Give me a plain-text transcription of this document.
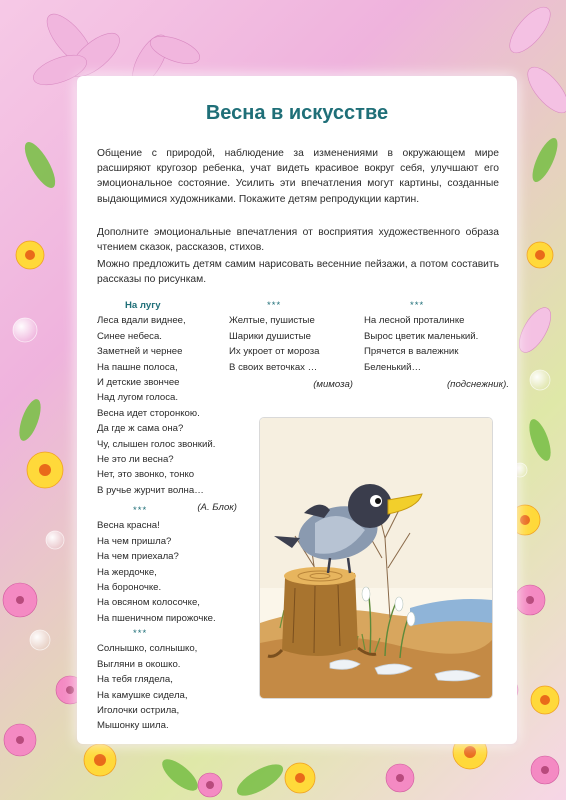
Весна в искусстве

Общение с природой, наблюдение за изменениями в окружающем мире расширяют кругозор ребенка, учат видеть красивое вокруг себя, улучшают его эмоциональное состояние. Усилить эти впечатления могут картины, созданные выдающимися художниками. Покажите детям репродукции картин.

Дополните эмоциональные впечатления от восприятия художественного образа чтением сказок, рассказов, стихов.

Можно предложить детям самим нарисовать весенние пейзажи, а потом составить рассказы по рисункам.

На лугу
Леса вдали виднее,
Синее небеса.
Заметней и чернее
На пашне полоса,
И детские звончее
Над лугом голоса.
Весна идет сторонкою.
Да где ж сама она?
Чу, слышен голос звонкий.
Не это ли весна?
Нет, это звонко, тонко
В ручье журчит волна…
(А. Блок)
***
Желтые, пушистые
Шарики душистые
Их укроет от мороза
В своих веточках …
(мимоза)
***
На лесной проталинке
Вырос цветик маленький.
Прячется в валежник
Беленький…
(подснежник).
***
Весна красна!
На чем пришла?
На чем приехала?
На жердочке,
На бороночке.
На овсяном колосочке,
На пшеничном пирожочке.
***
Солнышко, солнышко,
Выгляни в окошко.
На тебя глядела,
На камушке сидела,
Иголочки острила,
Мышонку шила.
